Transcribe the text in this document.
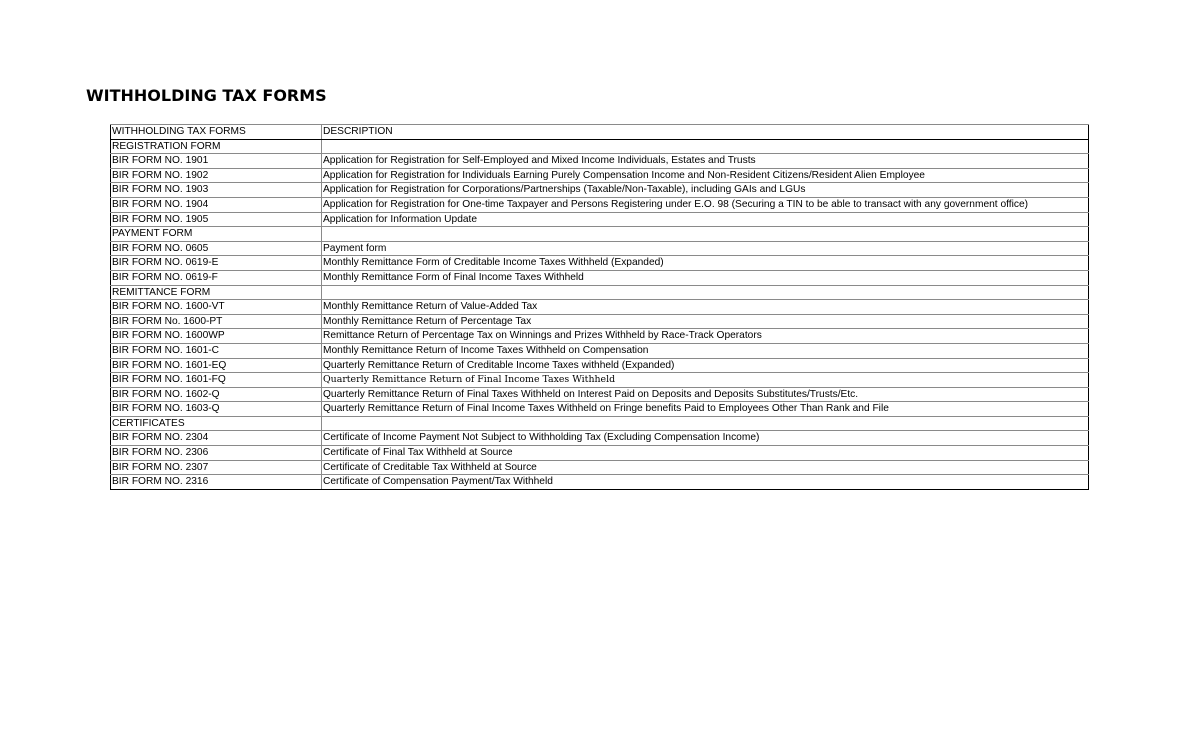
WITHHOLDING TAX FORMS
WITHHOLDING TAX FORMS	DESCRIPTION
REGISTRATION FORM	
BIR FORM NO. 1901	Application for Registration for Self-Employed and Mixed Income Individuals, Estates and Trusts
BIR FORM NO. 1902	Application for Registration for Individuals Earning Purely Compensation Income and Non-Resident Citizens/Resident Alien Employee
BIR FORM NO. 1903	Application for Registration for Corporations/Partnerships (Taxable/Non-Taxable), including GAIs and LGUs
BIR FORM NO. 1904	Application for Registration for One-time Taxpayer and Persons Registering under E.O. 98 (Securing a TIN to be able to transact with any government office)
BIR FORM NO. 1905	Application for Information Update
PAYMENT FORM	
BIR FORM NO. 0605	Payment form
BIR FORM NO. 0619-E	Monthly Remittance Form of Creditable Income Taxes Withheld (Expanded)
BIR FORM NO. 0619-F	Monthly Remittance Form of Final Income Taxes Withheld
REMITTANCE FORM	
BIR FORM NO. 1600-VT	Monthly Remittance Return of Value-Added Tax
BIR FORM No. 1600-PT	Monthly Remittance Return of Percentage Tax
BIR FORM NO. 1600WP	Remittance Return of Percentage Tax on Winnings and Prizes Withheld by Race-Track Operators
BIR FORM NO. 1601-C	Monthly Remittance Return of Income Taxes Withheld on Compensation
BIR FORM NO. 1601-EQ	Quarterly Remittance Return of Creditable Income Taxes withheld (Expanded)
BIR FORM NO. 1601-FQ	Quarterly Remittance Return of Final Income Taxes Withheld
BIR FORM NO. 1602-Q	Quarterly Remittance Return of Final Taxes Withheld on Interest Paid on Deposits and Deposits Substitutes/Trusts/Etc.
BIR FORM NO. 1603-Q	Quarterly Remittance Return of Final Income Taxes Withheld on Fringe benefits Paid to Employees Other Than Rank and File
CERTIFICATES	
BIR FORM NO. 2304	Certificate of Income Payment Not Subject to Withholding Tax (Excluding Compensation Income)
BIR FORM NO. 2306	Certificate of Final Tax Withheld at Source
BIR FORM NO. 2307	Certificate of Creditable Tax Withheld at Source
BIR FORM NO. 2316	Certificate of Compensation Payment/Tax Withheld
